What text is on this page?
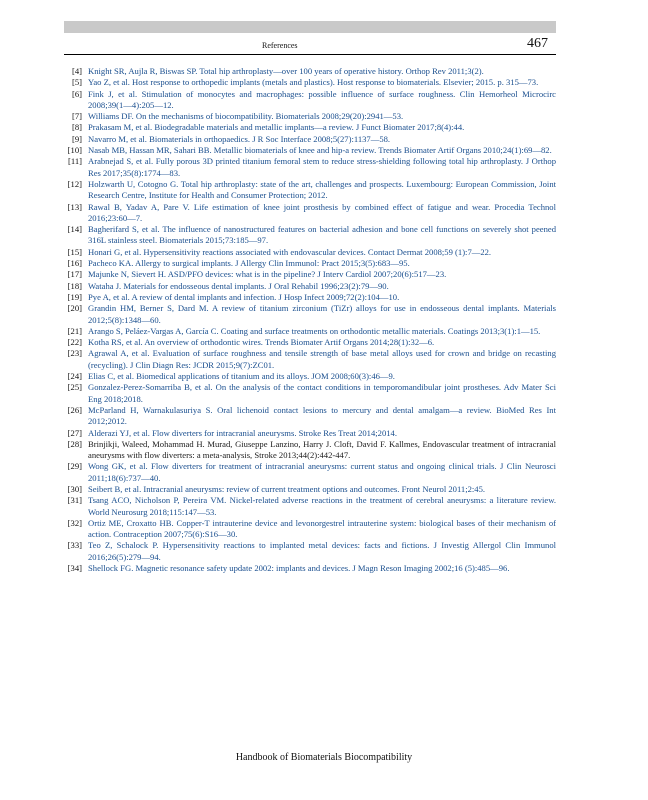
References	467
[4] Knight SR, Aujla R, Biswas SP. Total hip arthroplasty—over 100 years of operative history. Orthop Rev 2011;3(2).
[5] Yao Z, et al. Host response to orthopedic implants (metals and plastics). Host response to biomaterials. Elsevier; 2015. p. 315—73.
[6] Fink J, et al. Stimulation of monocytes and macrophages: possible influence of surface roughness. Clin Hemorheol Microcirc 2008;39(1—4):205—12.
[7] Williams DF. On the mechanisms of biocompatibility. Biomaterials 2008;29(20):2941—53.
[8] Prakasam M, et al. Biodegradable materials and metallic implants—a review. J Funct Biomater 2017;8(4):44.
[9] Navarro M, et al. Biomaterials in orthopaedics. J R Soc Interface 2008;5(27):1137—58.
[10] Nasab MB, Hassan MR, Sahari BB. Metallic biomaterials of knee and hip-a review. Trends Biomater Artif Organs 2010;24(1):69—82.
[11] Arabnejad S, et al. Fully porous 3D printed titanium femoral stem to reduce stress-shielding following total hip arthroplasty. J Orthop Res 2017;35(8):1774—83.
[12] Holzwarth U, Cotogno G. Total hip arthroplasty: state of the art, challenges and prospects. Luxembourg: European Commission, Joint Research Centre, Institute for Health and Consumer Protection; 2012.
[13] Rawal B, Yadav A, Pare V. Life estimation of knee joint prosthesis by combined effect of fatigue and wear. Procedia Technol 2016;23:60—7.
[14] Bagherifard S, et al. The influence of nanostructured features on bacterial adhesion and bone cell functions on severely shot peened 316L stainless steel. Biomaterials 2015;73:185—97.
[15] Honari G, et al. Hypersensitivity reactions associated with endovascular devices. Contact Dermat 2008;59 (1):7—22.
[16] Pacheco KA. Allergy to surgical implants. J Allergy Clin Immunol: Pract 2015;3(5):683—95.
[17] Majunke N, Sievert H. ASD/PFO devices: what is in the pipeline? J Interv Cardiol 2007;20(6):517—23.
[18] Wataha J. Materials for endosseous dental implants. J Oral Rehabil 1996;23(2):79—90.
[19] Pye A, et al. A review of dental implants and infection. J Hosp Infect 2009;72(2):104—10.
[20] Grandin HM, Berner S, Dard M. A review of titanium zirconium (TiZr) alloys for use in endosseous dental implants. Materials 2012;5(8):1348—60.
[21] Arango S, Peláez-Vargas A, García C. Coating and surface treatments on orthodontic metallic materials. Coatings 2013;3(1):1—15.
[22] Kotha RS, et al. An overview of orthodontic wires. Trends Biomater Artif Organs 2014;28(1):32—6.
[23] Agrawal A, et al. Evaluation of surface roughness and tensile strength of base metal alloys used for crown and bridge on recasting (recycling). J Clin Diagn Res: JCDR 2015;9(7):ZC01.
[24] Elias C, et al. Biomedical applications of titanium and its alloys. JOM 2008;60(3):46—9.
[25] Gonzalez-Perez-Somarriba B, et al. On the analysis of the contact conditions in temporomandibular joint prostheses. Adv Mater Sci Eng 2018;2018.
[26] McParland H, Warnakulasuriya S. Oral lichenoid contact lesions to mercury and dental amalgam—a review. BioMed Res Int 2012;2012.
[27] Alderazi YJ, et al. Flow diverters for intracranial aneurysms. Stroke Res Treat 2014;2014.
[28] Brinjikji, Waleed, Mohammad H. Murad, Giuseppe Lanzino, Harry J. Cloft, David F. Kallmes, Endovascular treatment of intracranial aneurysms with flow diverters: a meta-analysis, Stroke 2013;44(2):442-447.
[29] Wong GK, et al. Flow diverters for treatment of intracranial aneurysms: current status and ongoing clinical trials. J Clin Neurosci 2011;18(6):737—40.
[30] Seibert B, et al. Intracranial aneurysms: review of current treatment options and outcomes. Front Neurol 2011;2:45.
[31] Tsang ACO, Nicholson P, Pereira VM. Nickel-related adverse reactions in the treatment of cerebral aneurysms: a literature review. World Neurosurg 2018;115:147—53.
[32] Ortiz ME, Croxatto HB. Copper-T intrauterine device and levonorgestrel intrauterine system: biological bases of their mechanism of action. Contraception 2007;75(6):S16—30.
[33] Teo Z, Schalock P. Hypersensitivity reactions to implanted metal devices: facts and fictions. J Investig Allergol Clin Immunol 2016;26(5):279—94.
[34] Shellock FG. Magnetic resonance safety update 2002: implants and devices. J Magn Reson Imaging 2002;16 (5):485—96.
Handbook of Biomaterials Biocompatibility
